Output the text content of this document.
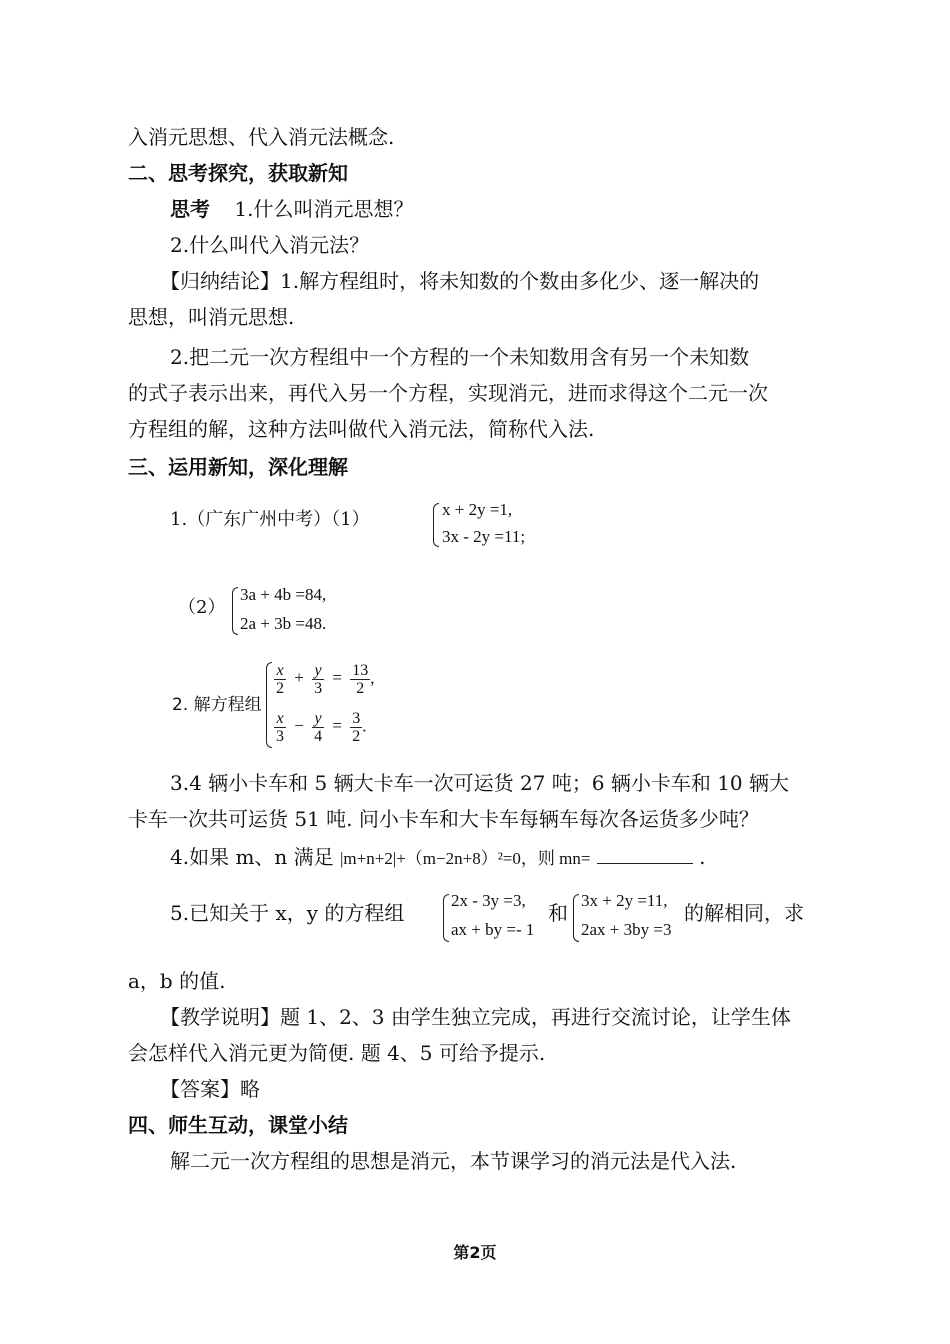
入消元思想、代入消元法概念.
二、思考探究，获取新知
思考 1.什么叫消元思想？
2.什么叫代入消元法？
【归纳结论】1.解方程组时，将未知数的个数由多化少、逐一解决的
思想，叫消元思想.
2.把二元一次方程组中一个方程的一个未知数用含有另一个未知数
的式子表示出来，再代入另一个方程，实现消元，进而求得这个二元一次
方程组的解，这种方法叫做代入消元法，简称代入法.
三、运用新知，深化理解
1.（广东广州中考）（1）	x + 2y =1,
3x - 2y =11;
（2）
3a + 4b =84,
2a + 3b =48.
2. 解方程组
$\frac{x}{2} + \frac{y}{3} = \frac{13}{2}$ ,
$\frac{x}{3} - \frac{y}{4} = \frac{3}{2}$ .
3.4 辆小卡车和 5 辆大卡车一次可运货 27 吨；6 辆小卡车和 10 辆大
卡车一次共可运货 51 吨. 问小卡车和大卡车每辆车每次各运货多少吨？
4.如果 m、n 满足 |m+n+2|+（m−2n+8）²=0，则 mn=	.
5.已知关于 x，y 的方程组
2x - 3y =3,
ax + by =- 1
和
3x + 2y =11,
2ax + 3by =3
的解相同，求
a，b 的值.
【教学说明】题 1、2、3 由学生独立完成，再进行交流讨论，让学生体
会怎样代入消元更为简便. 题 4、5 可给予提示.
【答案】略
四、师生互动，课堂小结
解二元一次方程组的思想是消元，本节课学习的消元法是代入法.
第2页
